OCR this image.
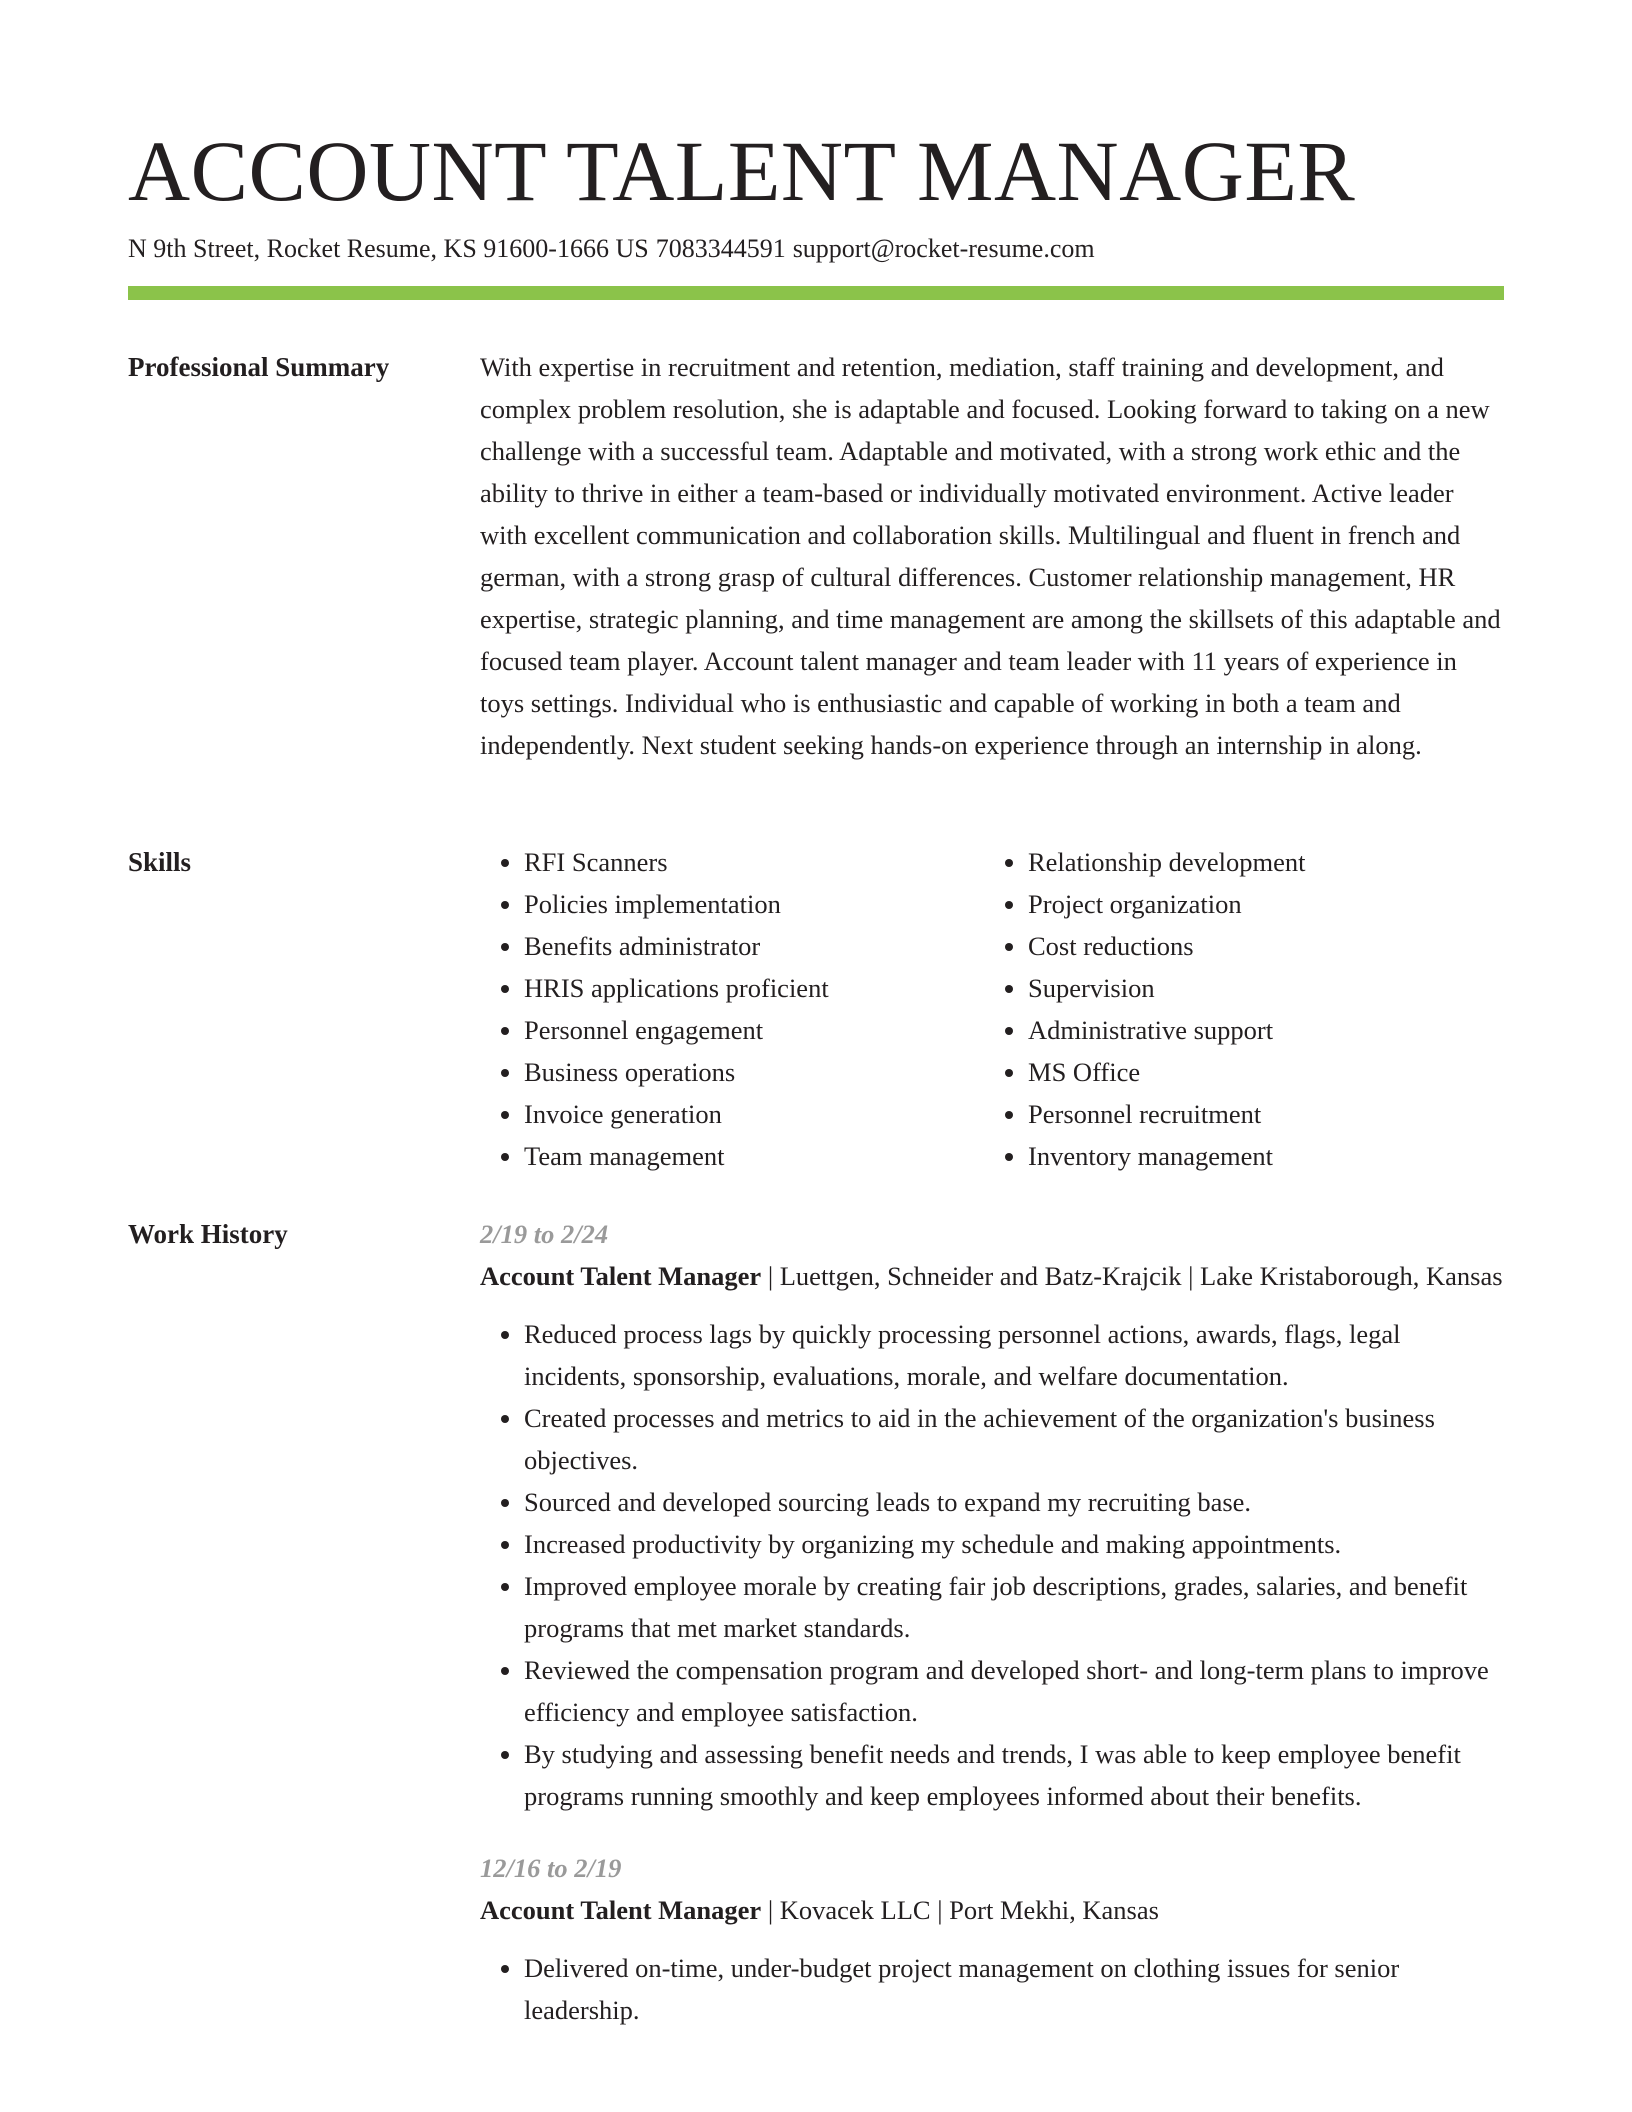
ACCOUNT TALENT MANAGER
N 9th Street, Rocket Resume, KS 91600-1666 US 7083344591 support@rocket-resume.com
Professional Summary	With expertise in recruitment and retention, mediation, staff training and development, and complex problem resolution, she is adaptable and focused. Looking forward to taking on a new challenge with a successful team. Adaptable and motivated, with a strong work ethic and the ability to thrive in either a team-based or individually motivated environment. Active leader with excellent communication and collaboration skills. Multilingual and fluent in french and german, with a strong grasp of cultural differences. Customer relationship management, HR expertise, strategic planning, and time management are among the skillsets of this adaptable and focused team player. Account talent manager and team leader with 11 years of experience in toys settings. Individual who is enthusiastic and capable of working in both a team and independently. Next student seeking hands-on experience through an internship in along.

Skills
•	RFI Scanners
• Policies implementation
• Benefits administrator
• HRIS applications proficient
• Personnel engagement
• Business operations
• Invoice generation
• Team management
• Relationship development
• Project organization
• Cost reductions
• Supervision
• Administrative support
• MS Office
• Personnel recruitment
• Inventory management
Work History	2/19 to 2/24
Account Talent Manager | Luettgen, Schneider and Batz-Krajcik | Lake Kristaborough, Kansas
• Reduced process lags by quickly processing personnel actions, awards, flags, legal incidents, sponsorship, evaluations, morale, and welfare documentation.
• Created processes and metrics to aid in the achievement of the organization's business objectives.
• Sourced and developed sourcing leads to expand my recruiting base.
• Increased productivity by organizing my schedule and making appointments.
• Improved employee morale by creating fair job descriptions, grades, salaries, and benefit programs that met market standards.
• Reviewed the compensation program and developed short- and long-term plans to improve efficiency and employee satisfaction.
• By studying and assessing benefit needs and trends, I was able to keep employee benefit programs running smoothly and keep employees informed about their benefits.
12/16 to 2/19
Account Talent Manager | Kovacek LLC | Port Mekhi, Kansas
• Delivered on-time, under-budget project management on clothing issues for senior leadership.
